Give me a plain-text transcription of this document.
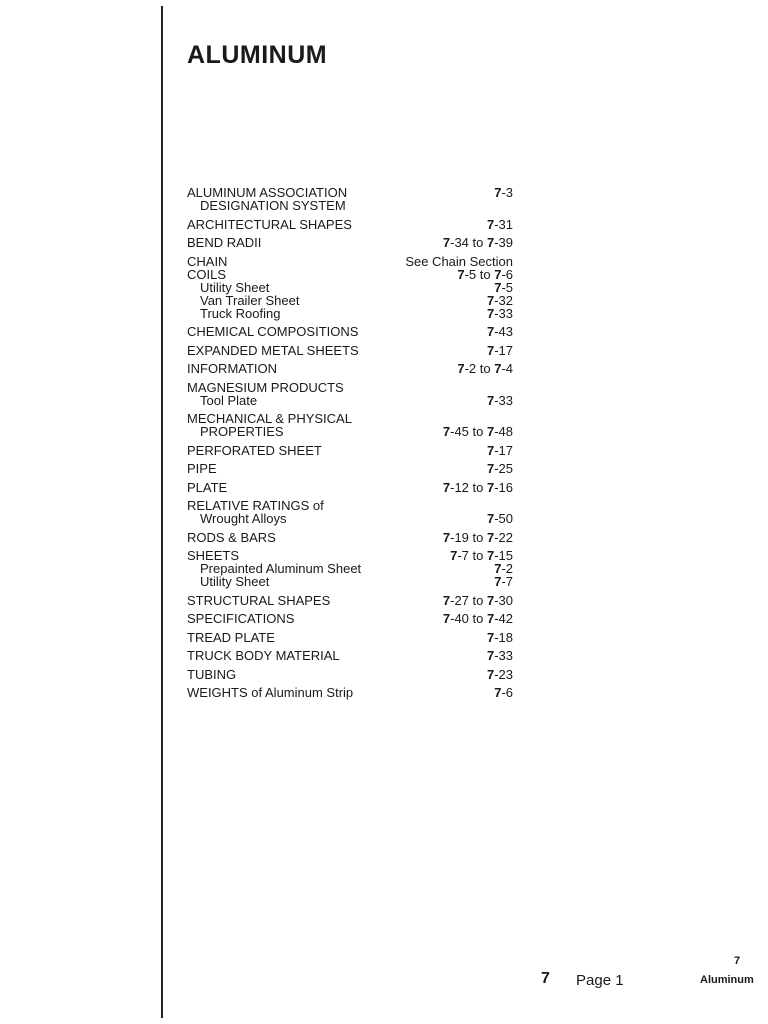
ALUMINUM
ALUMINUM ASSOCIATION	7-3
DESIGNATION SYSTEM
ARCHITECTURAL SHAPES	7-31
BEND RADII	7-34 to 7-39
CHAIN	See Chain Section
COILS	7-5 to 7-6
Utility Sheet	7-5
Van Trailer Sheet	7-32
Truck Roofing	7-33
CHEMICAL COMPOSITIONS	7-43
EXPANDED METAL SHEETS	7-17
INFORMATION	7-2 to 7-4
MAGNESIUM PRODUCTS
Tool Plate	7-33
MECHANICAL & PHYSICAL
PROPERTIES	7-45 to 7-48
PERFORATED SHEET	7-17
PIPE	7-25
PLATE	7-12 to 7-16
RELATIVE RATINGS of
Wrought Alloys	7-50
RODS & BARS	7-19 to 7-22
SHEETS	7-7 to 7-15
Prepainted Aluminum Sheet	7-2
Utility Sheet	7-7
STRUCTURAL SHAPES	7-27 to 7-30
SPECIFICATIONS	7-40 to 7-42
TREAD PLATE	7-18
TRUCK BODY MATERIAL	7-33
TUBING	7-23
WEIGHTS of Aluminum Strip	7-6
7 Page 1
7
Aluminum
